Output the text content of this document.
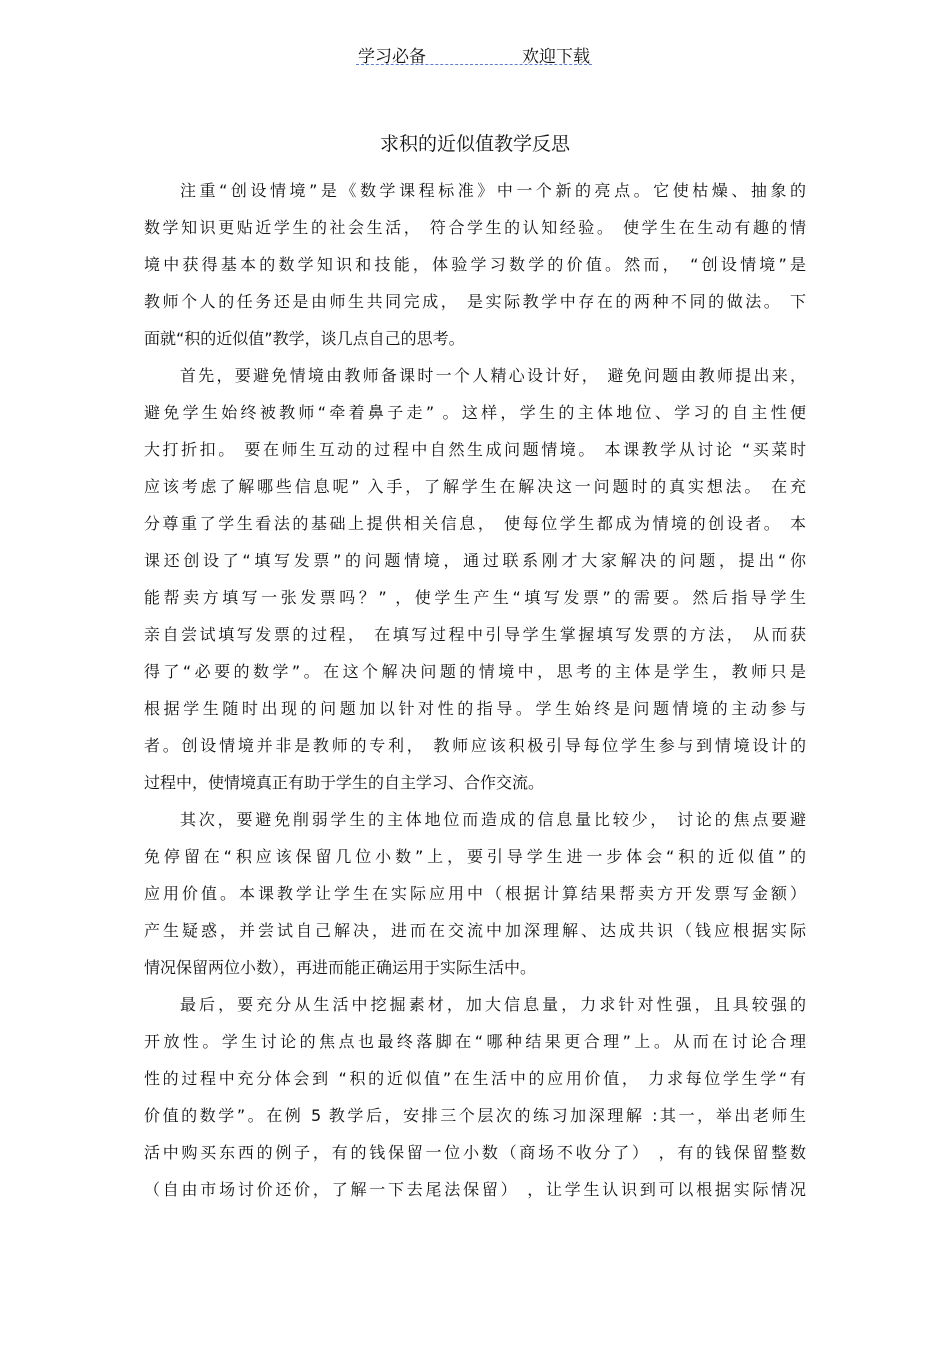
学习必备	欢迎下载
求积的近似值教学反思

注重“创设情境”是《数学课程标准》中一个新的亮点。它使枯燥、抽象的
数学知识更贴近学生的社会生活， 符合学生的认知经验。 使学生在生动有趣的情
境中获得基本的数学知识和技能，体验学习数学的价值。然而， “创设情境”是
教师个人的任务还是由师生共同完成， 是实际教学中存在的两种不同的做法。 下
面就“积的近似值”教学，谈几点自己的思考。

首先，要避免情境由教师备课时一个人精心设计好， 避免问题由教师提出来，
避免学生始终被教师“牵着鼻子走” 。这样，学生的主体地位、学习的自主性便
大打折扣。 要在师生互动的过程中自然生成问题情境。 本课教学从讨论 “买菜时
应该考虑了解哪些信息呢” 入手，了解学生在解决这一问题时的真实想法。 在充
分尊重了学生看法的基础上提供相关信息， 使每位学生都成为情境的创设者。 本
课还创设了“填写发票”的问题情境，通过联系刚才大家解决的问题，提出“你
能帮卖方填写一张发票吗？” ，使学生产生“填写发票”的需要。然后指导学生
亲自尝试填写发票的过程， 在填写过程中引导学生掌握填写发票的方法， 从而获
得了“必要的数学”。在这个解决问题的情境中，思考的主体是学生，教师只是
根据学生随时出现的问题加以针对性的指导。学生始终是问题情境的主动参与
者。创设情境并非是教师的专利， 教师应该积极引导每位学生参与到情境设计的
过程中，使情境真正有助于学生的自主学习、合作交流。

其次，要避免削弱学生的主体地位而造成的信息量比较少， 讨论的焦点要避
免停留在“积应该保留几位小数”上，要引导学生进一步体会“积的近似值”的
应用价值。本课教学让学生在实际应用中（根据计算结果帮卖方开发票写金额）
产生疑惑，并尝试自己解决，进而在交流中加深理解、达成共识（钱应根据实际
情况保留两位小数），再进而能正确运用于实际生活中。

最后，要充分从生活中挖掘素材，加大信息量，力求针对性强，且具较强的
开放性。学生讨论的焦点也最终落脚在“哪种结果更合理”上。从而在讨论合理
性的过程中充分体会到 “积的近似值”在生活中的应用价值， 力求每位学生学“有
价值的数学”。在例 5 教学后，安排三个层次的练习加深理解 :其一，举出老师生
活中购买东西的例子，有的钱保留一位小数（商场不收分了） ，有的钱保留整数
（自由市场讨价还价，了解一下去尾法保留） ，让学生认识到可以根据实际情况
